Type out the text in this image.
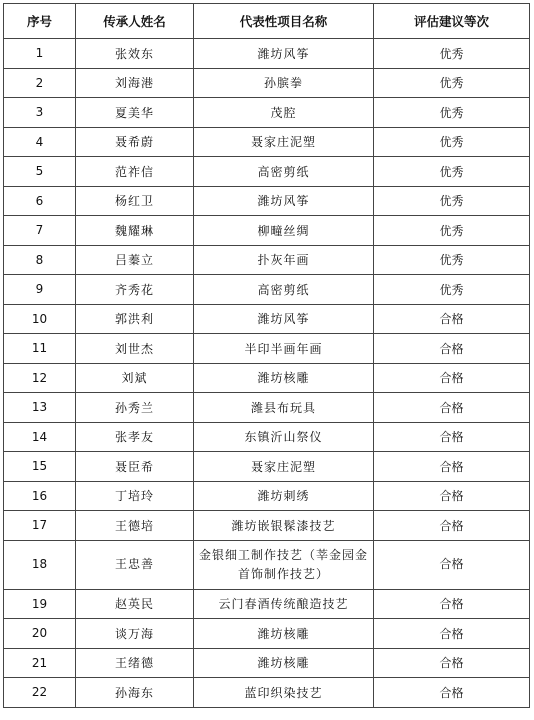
序号	传承人姓名	代表性项目名称	评估建议等次
1	张效东	潍坊风筝	优秀
2	刘海港	孙膑拳	优秀
3	夏美华	茂腔	优秀
4	聂希蔚	聂家庄泥塑	优秀
5	范祚信	高密剪纸	优秀
6	杨红卫	潍坊风筝	优秀
7	魏耀琳	柳疃丝绸	优秀
8	吕蓁立	扑灰年画	优秀
9	齐秀花	高密剪纸	优秀
10	郭洪利	潍坊风筝	合格
11	刘世杰	半印半画年画	合格
12	刘斌	潍坊核雕	合格
13	孙秀兰	潍县布玩具	合格
14	张孝友	东镇沂山祭仪	合格
15	聂臣希	聂家庄泥塑	合格
16	丁培玲	潍坊刺绣	合格
17	王德培	潍坊嵌银髹漆技艺	合格
18	王忠善	金银细工制作技艺（莘金园金首饰制作技艺）	合格
19	赵英民	云门春酒传统酿造技艺	合格
20	谈万海	潍坊核雕	合格
21	王绪德	潍坊核雕	合格
22	孙海东	蓝印织染技艺	合格
